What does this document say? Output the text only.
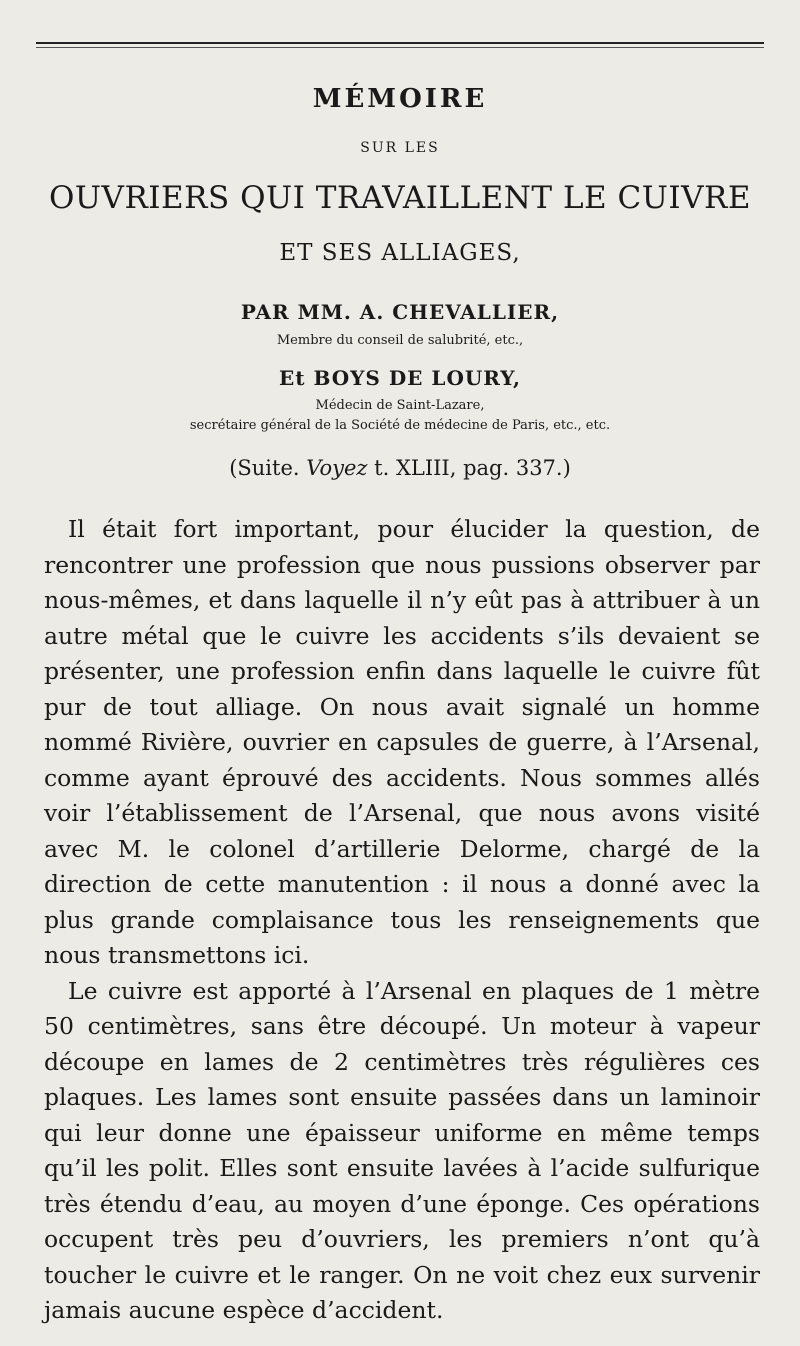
MÉMOIRE
SUR LES
OUVRIERS QUI TRAVAILLENT LE CUIVRE
ET SES ALLIAGES,
PAR MM. A. CHEVALLIER,
Membre du conseil de salubrité, etc.,
Et BOYS DE LOURY,
Médecin de Saint-Lazare,
secrétaire général de la Société de médecine de Paris, etc., etc.
(Suite. Voyez t. XLIII, pag. 337.)

Il était fort important, pour élucider la question, de rencontrer une profession que nous pussions observer par nous-mêmes, et dans laquelle il n’y eût pas à attribuer à un autre métal que le cuivre les accidents s’ils devaient se présenter, une profession enfin dans laquelle le cuivre fût pur de tout alliage. On nous avait signalé un homme nommé Rivière, ouvrier en capsules de guerre, à l’Arsenal, comme ayant éprouvé des accidents. Nous sommes allés voir l’établissement de l’Arsenal, que nous avons visité avec M. le colonel d’artillerie Delorme, chargé de la direction de cette manutention : il nous a donné avec la plus grande complaisance tous les renseignements que nous transmettons ici.

Le cuivre est apporté à l’Arsenal en plaques de 1 mètre 50 centimètres, sans être découpé. Un moteur à vapeur découpe en lames de 2 centimètres très régulières ces plaques. Les lames sont ensuite passées dans un laminoir qui leur donne une épaisseur uniforme en même temps qu’il les polit. Elles sont ensuite lavées à l’acide sulfurique très étendu d’eau, au moyen d’une éponge. Ces opérations occupent très peu d’ouvriers, les premiers n’ont qu’à toucher le cuivre et le ranger. On ne voit chez eux survenir jamais aucune espèce d’accident.
